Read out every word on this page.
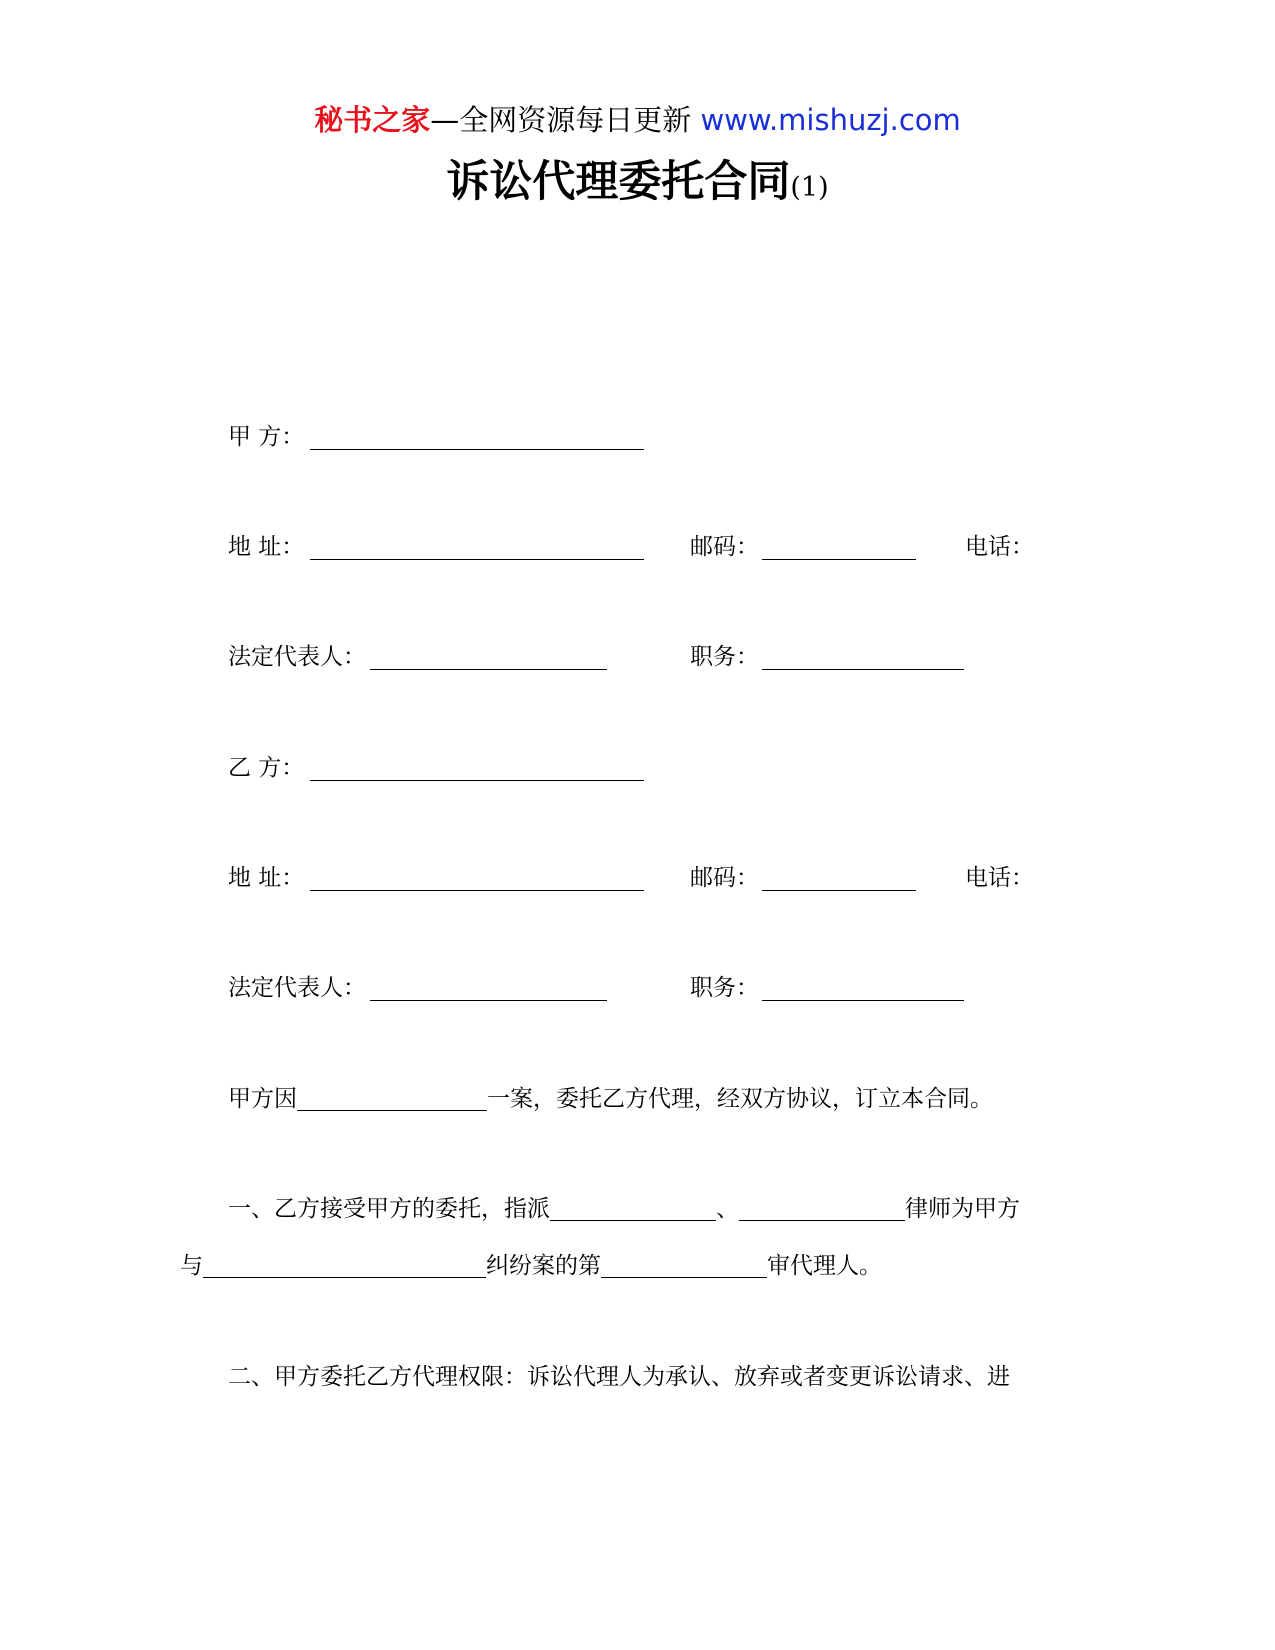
秘书之家—全网资源每日更新 www.mishuzj.com
诉讼代理委托合同(1)
甲 方：
地 址：	邮码：	电话：
法定代表人：	职务：
乙 方：
地 址：	邮码：	电话：
法定代表人：	职务：
甲方因	一案，委托乙方代理，经双方协议，订立本合同。
一、乙方接受甲方的委托，指派	、	律师为甲方
与	纠纷案的第	审代理人。
二、甲方委托乙方代理权限：诉讼代理人为承认、放弃或者变更诉讼请求、进
